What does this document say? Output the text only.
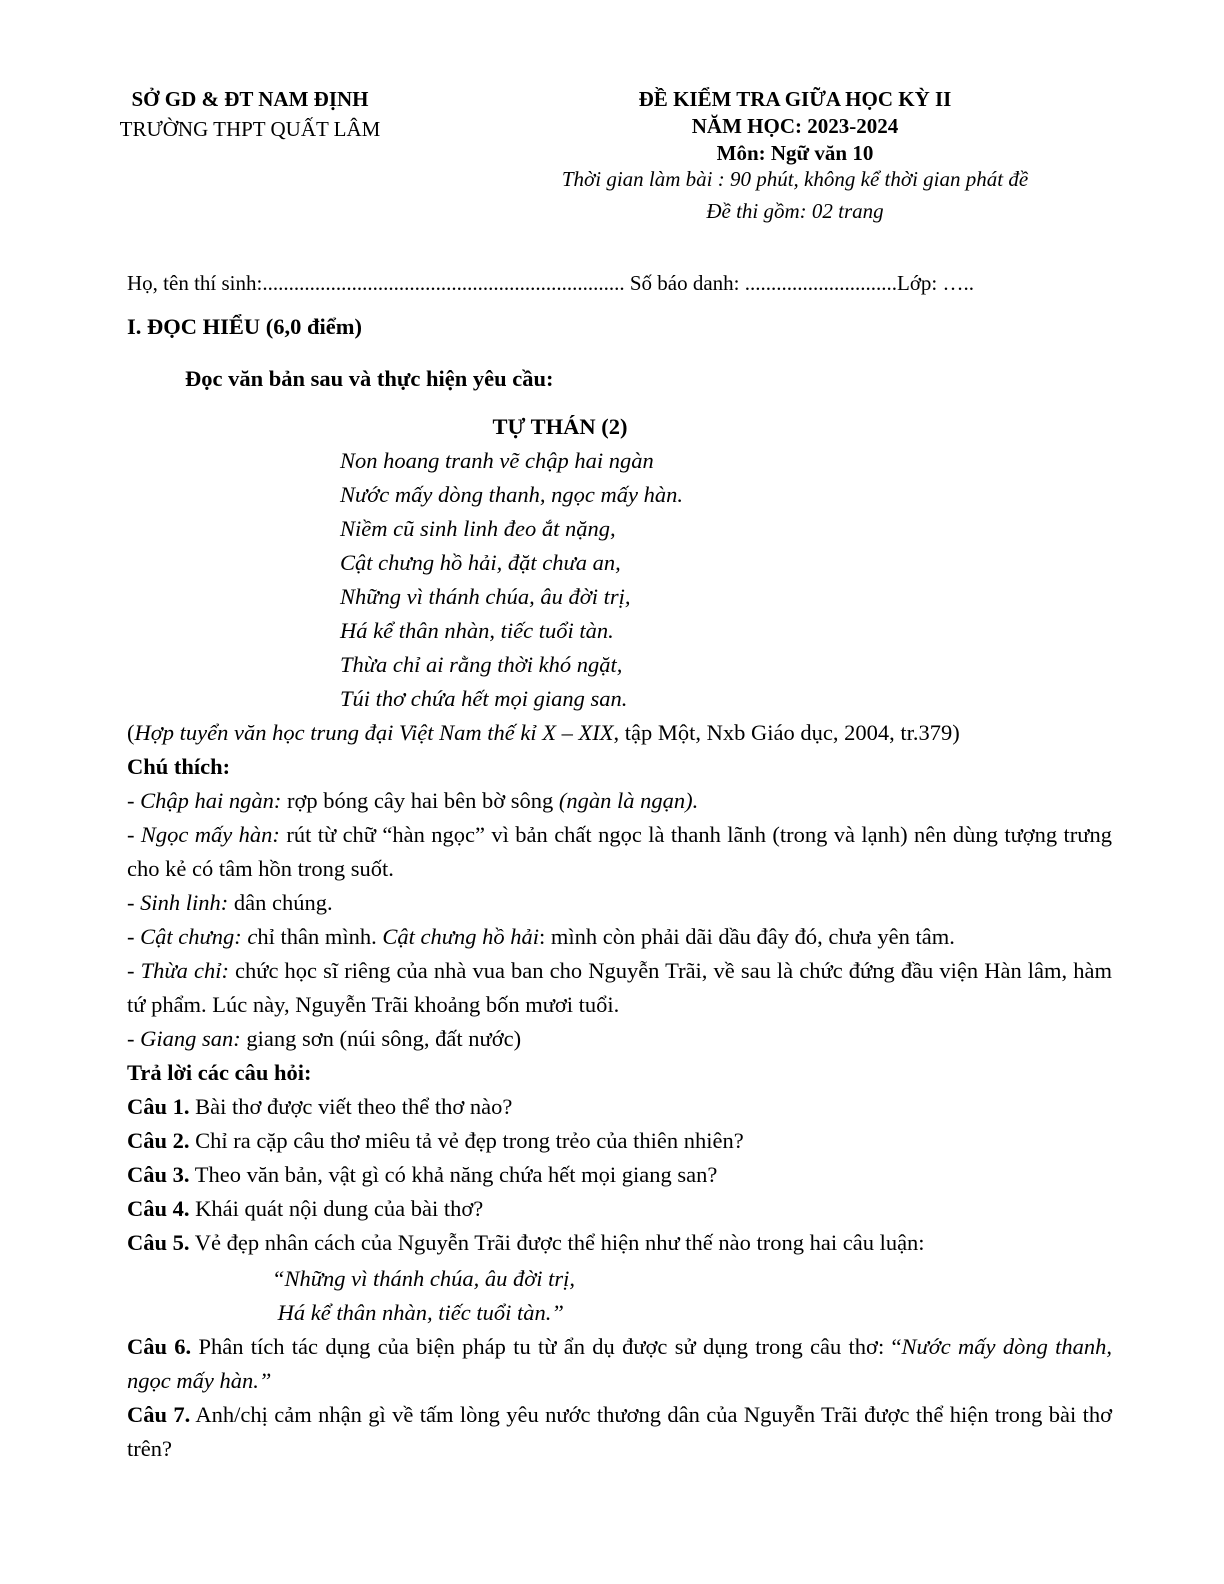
SỞ GD & ĐT NAM ĐỊNH
TRƯỜNG THPT QUẤT LÂM
ĐỀ KIỂM TRA GIỮA HỌC KỲ II
NĂM HỌC: 2023-2024
Môn: Ngữ văn 10
Thời gian làm bài : 90 phút, không kể thời gian phát đề
Đề thi gồm: 02 trang
Họ, tên thí sinh:..................................................................... Số báo danh: .............................Lớp: …..
I. ĐỌC HIỂU (6,0 điểm)
Đọc văn bản sau và thực hiện yêu cầu:
TỰ THÁN (2)
Non hoang tranh vẽ chập hai ngàn
Nước mấy dòng thanh, ngọc mấy hàn.
Niềm cũ sinh linh đeo ắt nặng,
Cật chưng hồ hải, đặt chưa an,
Những vì thánh chúa, âu đời trị,
Há kể thân nhàn, tiếc tuổi tàn.
Thừa chỉ ai rằng thời khó ngặt,
Túi thơ chứa hết mọi giang san.
(Hợp tuyển văn học trung đại Việt Nam thế kỉ X – XIX, tập Một, Nxb Giáo dục, 2004, tr.379)
Chú thích:
- Chập hai ngàn: rợp bóng cây hai bên bờ sông (ngàn là ngạn).
- Ngọc mấy hàn: rút từ chữ “hàn ngọc” vì bản chất ngọc là thanh lãnh (trong và lạnh) nên dùng tượng trưng cho kẻ có tâm hồn trong suốt.
- Sinh linh: dân chúng.
- Cật chưng: chỉ thân mình. Cật chưng hồ hải: mình còn phải dãi dầu đây đó, chưa yên tâm.
- Thừa chỉ: chức học sĩ riêng của nhà vua ban cho Nguyễn Trãi, về sau là chức đứng đầu viện Hàn lâm, hàm tứ phẩm. Lúc này, Nguyễn Trãi khoảng bốn mươi tuổi.
- Giang san: giang sơn (núi sông, đất nước)
Trả lời các câu hỏi:
Câu 1. Bài thơ được viết theo thể thơ nào?
Câu 2. Chỉ ra cặp câu thơ miêu tả vẻ đẹp trong trẻo của thiên nhiên?
Câu 3. Theo văn bản, vật gì có khả năng chứa hết mọi giang san?
Câu 4. Khái quát nội dung của bài thơ?
Câu 5. Vẻ đẹp nhân cách của Nguyễn Trãi được thể hiện như thế nào trong hai câu luận:
“Những vì thánh chúa, âu đời trị,
Há kể thân nhàn, tiếc tuổi tàn.”
Câu 6. Phân tích tác dụng của biện pháp tu từ ẩn dụ được sử dụng trong câu thơ: “Nước mấy dòng thanh, ngọc mấy hàn.”
Câu 7. Anh/chị cảm nhận gì về tấm lòng yêu nước thương dân của Nguyễn Trãi được thể hiện trong bài thơ trên?
